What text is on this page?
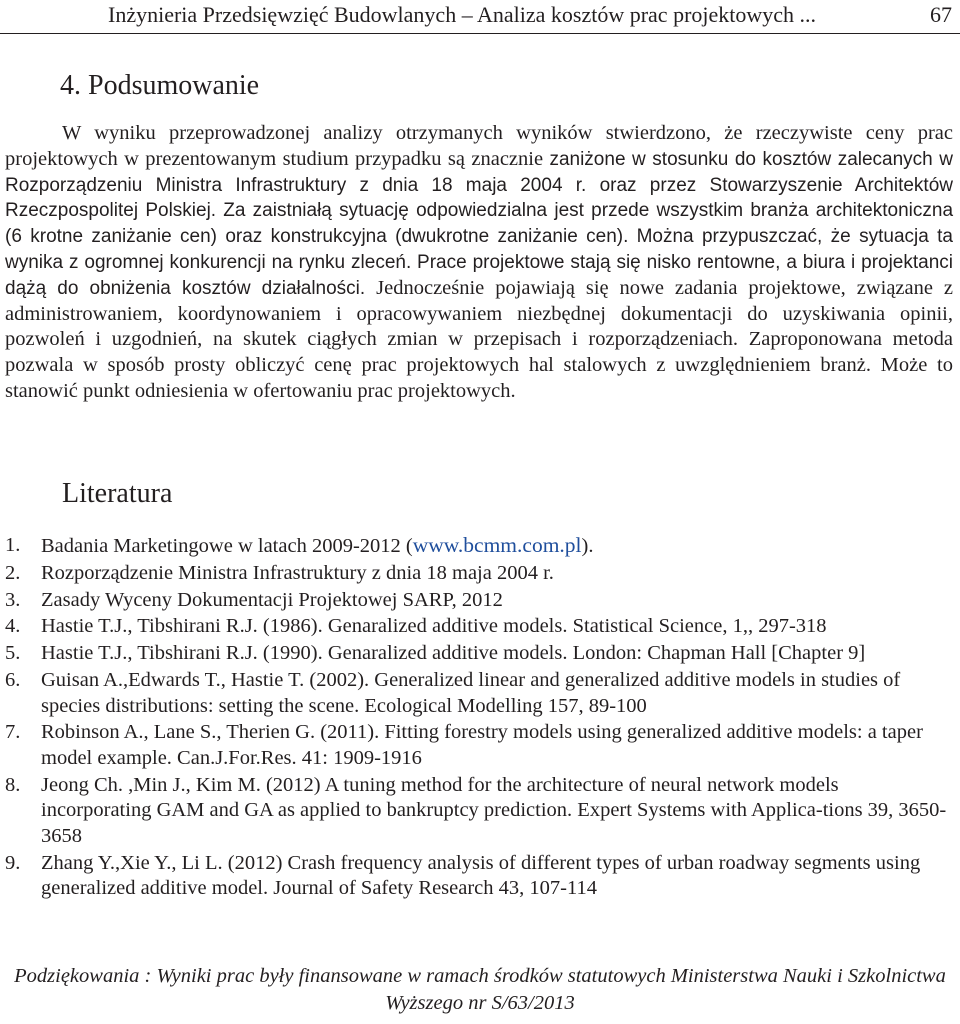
Inżynieria Przedsięwzięć Budowlanych – Analiza kosztów prac projektowych ...	67
4. Podsumowanie

W wyniku przeprowadzonej analizy otrzymanych wyników stwierdzono, że rzeczywiste ceny prac projektowych w prezentowanym studium przypadku są znacznie zaniżone w stosunku do kosztów zalecanych w Rozporządzeniu Ministra Infrastruktury z dnia 18 maja 2004 r. oraz przez Stowarzyszenie Architektów Rzeczpospolitej Polskiej. Za zaistniałą sytuację odpowiedzialna jest przede wszystkim branża architektoniczna (6 krotne zaniżanie cen) oraz konstrukcyjna (dwukrotne zaniżanie cen). Można przypuszczać, że sytuacja ta wynika z ogromnej konkurencji na rynku zleceń. Prace projektowe stają się nisko rentowne, a biura i projektanci dążą do obniżenia kosztów działalności. Jednocześnie pojawiają się nowe zadania projektowe, związane z administrowaniem, koordynowaniem i opracowywaniem niezbędnej dokumentacji do uzyskiwania opinii, pozwoleń i uzgodnień, na skutek ciągłych zmian w przepisach i rozporządzeniach. Zaproponowana metoda pozwala w sposób prosty obliczyć cenę prac projektowych hal stalowych z uwzględnieniem branż. Może to stanowić punkt odniesienia w ofertowaniu prac projektowych.

Literatura
1. Badania Marketingowe w latach 2009-2012 (www.bcmm.com.pl).
2. Rozporządzenie Ministra Infrastruktury z dnia 18 maja 2004 r.
3. Zasady Wyceny Dokumentacji Projektowej SARP, 2012
4. Hastie T.J., Tibshirani R.J. (1986). Genaralized additive models. Statistical Science, 1,, 297-318
5. Hastie T.J., Tibshirani R.J. (1990). Genaralized additive models. London: Chapman Hall [Chapter 9]
6. Guisan A.,Edwards T., Hastie T. (2002). Generalized linear and generalized additive models in studies of species distributions: setting the scene. Ecological Modelling 157, 89-100
7. Robinson A., Lane S., Therien G. (2011). Fitting forestry models using generalized additive models: a taper model example. Can.J.For.Res. 41: 1909-1916
8. Jeong Ch. ,Min J., Kim M. (2012) A tuning method for the architecture of neural network models incorporating GAM and GA as applied to bankruptcy prediction. Expert Systems with Applica-tions 39, 3650-3658
9. Zhang Y.,Xie Y., Li L. (2012) Crash frequency analysis of different types of urban roadway segments using generalized additive model. Journal of Safety Research 43, 107-114

Podziękowania : Wyniki prac były finansowane w ramach środków statutowych Ministerstwa Nauki i Szkolnictwa Wyższego nr S/63/2013
